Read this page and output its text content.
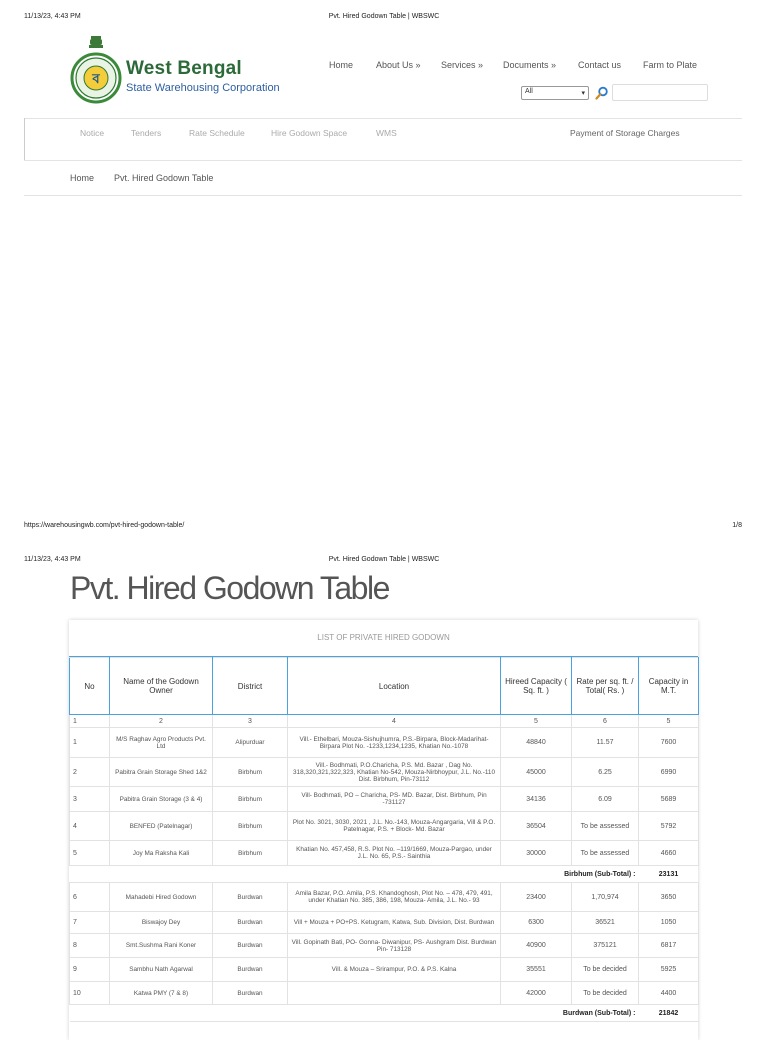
11/13/23, 4:43 PM	Pvt. Hired Godown Table | WBSWC
ব
West Bengal
State Warehousing Corporation
Home	About Us » Services » Documents » Contact us Farm to Plate
All	▾
Notice	Tenders	Rate Schedule	Hire Godown Space	WMS	Payment of Storage Charges
Home Pvt. Hired Godown Table
https://warehousingwb.com/pvt-hired-godown-table/	1/8
11/13/23, 4:43 PM	Pvt. Hired Godown Table | WBSWC
Pvt. Hired Godown Table
LIST OF PRIVATE HIRED GODOWN
No	Name of the Godown Owner	District	Location	Hireed Capacity ( Sq. ft. )	Rate per sq. ft. / Total( Rs. )	Capacity in M.T.
1	2	3	4	5	6	5
1	M/S Raghav Agro Products Pvt. Ltd	Alipurduar	Vill.- Ethelbari, Mouza-Sishujhumra, P.S.-Birpara, Block-Madarihat-Birpara Plot No. -1233,1234,1235, Khatian No.-1078	48840	11.57	7600
2	Pabitra Grain Storage Shed 1&2	Birbhum	Vill.- Bodhmati, P.O.Charicha, P.S. Md. Bazar , Dag No. 318,320,321,322,323, Khatian No-542, Mouza-Nirbhoypur, J.L. No.-110 Dist. Birbhum, Pin-73112	45000	6.25	6990
3	Pabitra Grain Storage (3 & 4)	Birbhum	Vill- Bodhmati, PO – Charicha, PS- MD. Bazar, Dist. Birbhum, Pin -731127	34136	6.09	5689
4	BENFED (Patelnagar)	Birbhum	Plot No. 3021, 3030, 2021 , J.L. No.-143, Mouza-Angargaria, Vill & P.O. Patelnagar, P.S. + Block- Md. Bazar	36504	To be assessed	5792
5	Joy Ma Raksha Kali	Birbhum	Khatian No. 457,458, R.S. Plot No. –119/1669, Mouza-Pargao, under J.L. No. 65, P.S.- Sainthia	30000	To be assessed	4660
Birbhum (Sub-Total) :						23131
6	Mahadebi Hired Godown	Burdwan	Amila Bazar, P.O. Amila, P.S. Khandoghosh, Plot No. – 478, 479, 491, under Khatian No. 385, 386, 198, Mouza- Amila, J.L. No.- 93	23400	1,70,974	3650
7	Biswajoy Dey	Burdwan	Vill + Mouza + PO+PS. Ketugram, Katwa, Sub. Division, Dist. Burdwan	6300	36521	1050
8	Smt.Sushma Rani Koner	Burdwan	Vill. Gopinath Bati, PO- Gonna- Diwanipur, PS- Aushgram Dist. Burdwan Pin- 713128	40900	375121	6817
9	Sambhu Nath Agarwal	Burdwan	Vill. & Mouza – Srirampur, P.O. & P.S. Kalna	35551	To be decided	5925
10	Katwa PMY (7 & 8)	Burdwan		42000	To be decided	4400
Burdwan (Sub-Total) :						21842
